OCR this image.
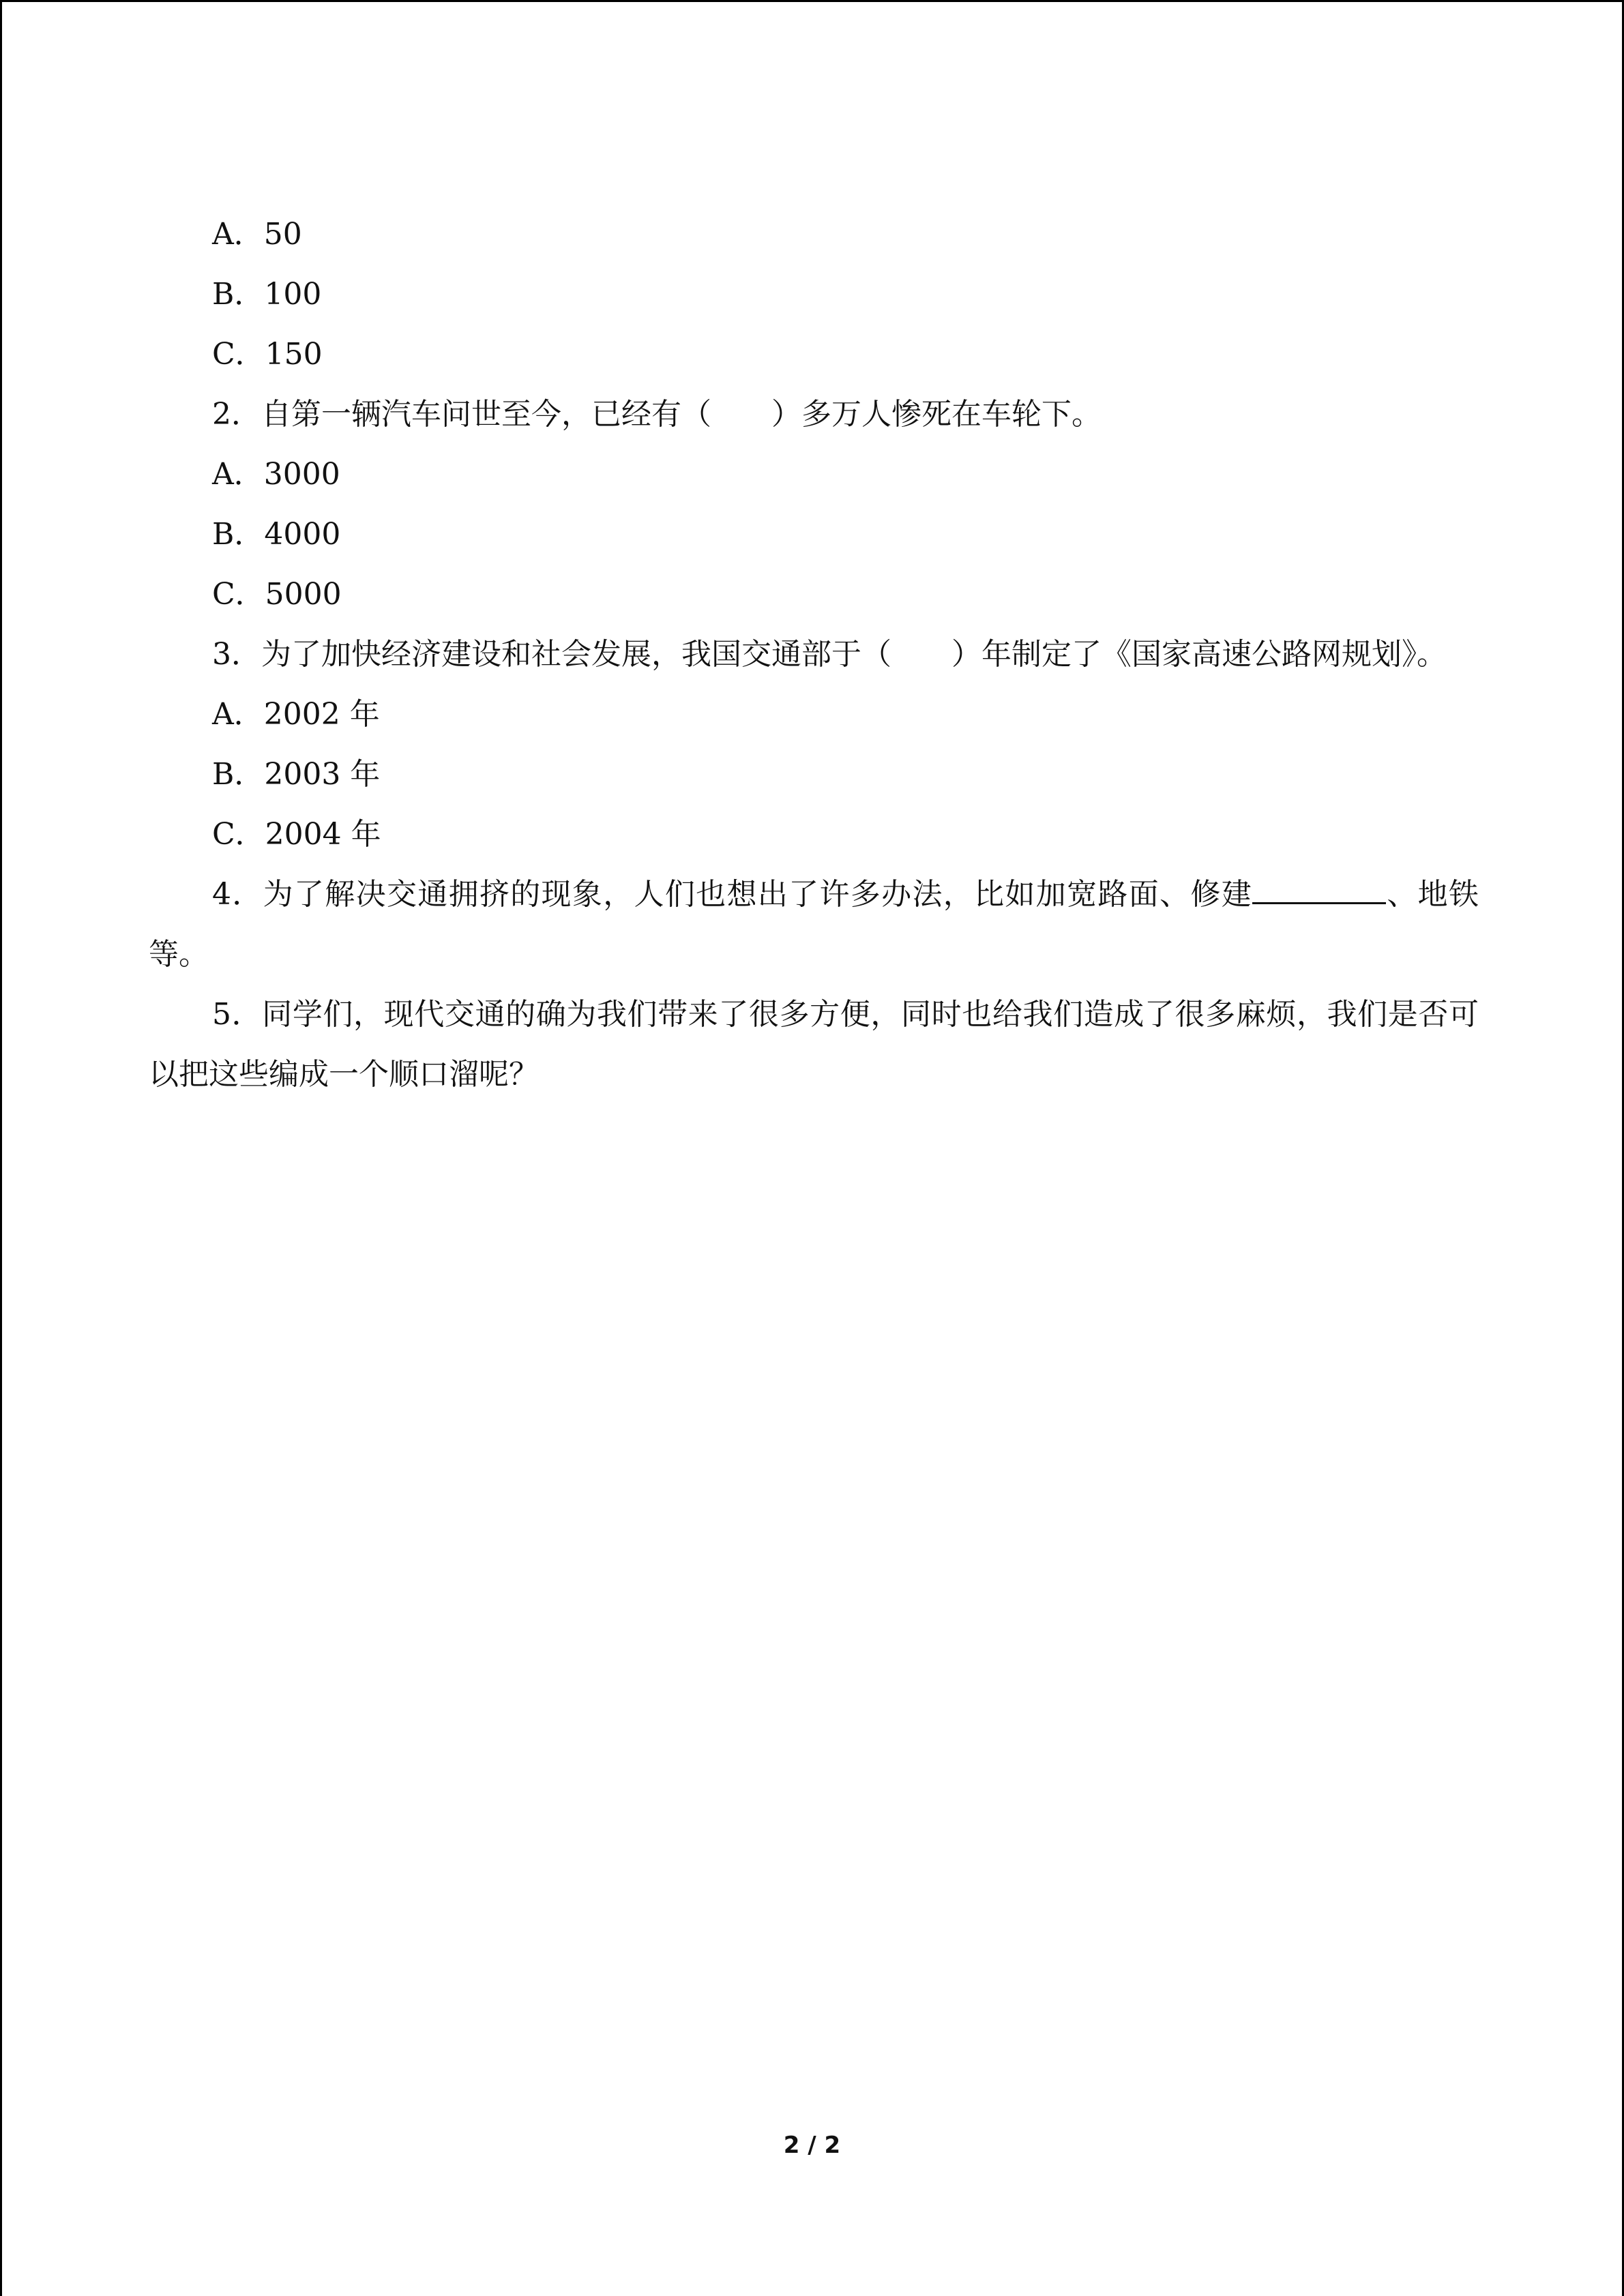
A．50

B．100

C．150

2．自第一辆汽车问世至今，已经有（　　）多万人惨死在车轮下。

A．3000

B．4000

C．5000

3．为了加快经济建设和社会发展，我国交通部于（　　）年制定了《国家高速公路网规划》。

A．2002 年

B．2003 年

C．2004 年

4．为了解决交通拥挤的现象，人们也想出了许多办法，比如加宽路面、修建	、地铁等。

5．同学们，现代交通的确为我们带来了很多方便，同时也给我们造成了很多麻烦，我们是否可以把这些编成一个顺口溜呢？

2 / 2
